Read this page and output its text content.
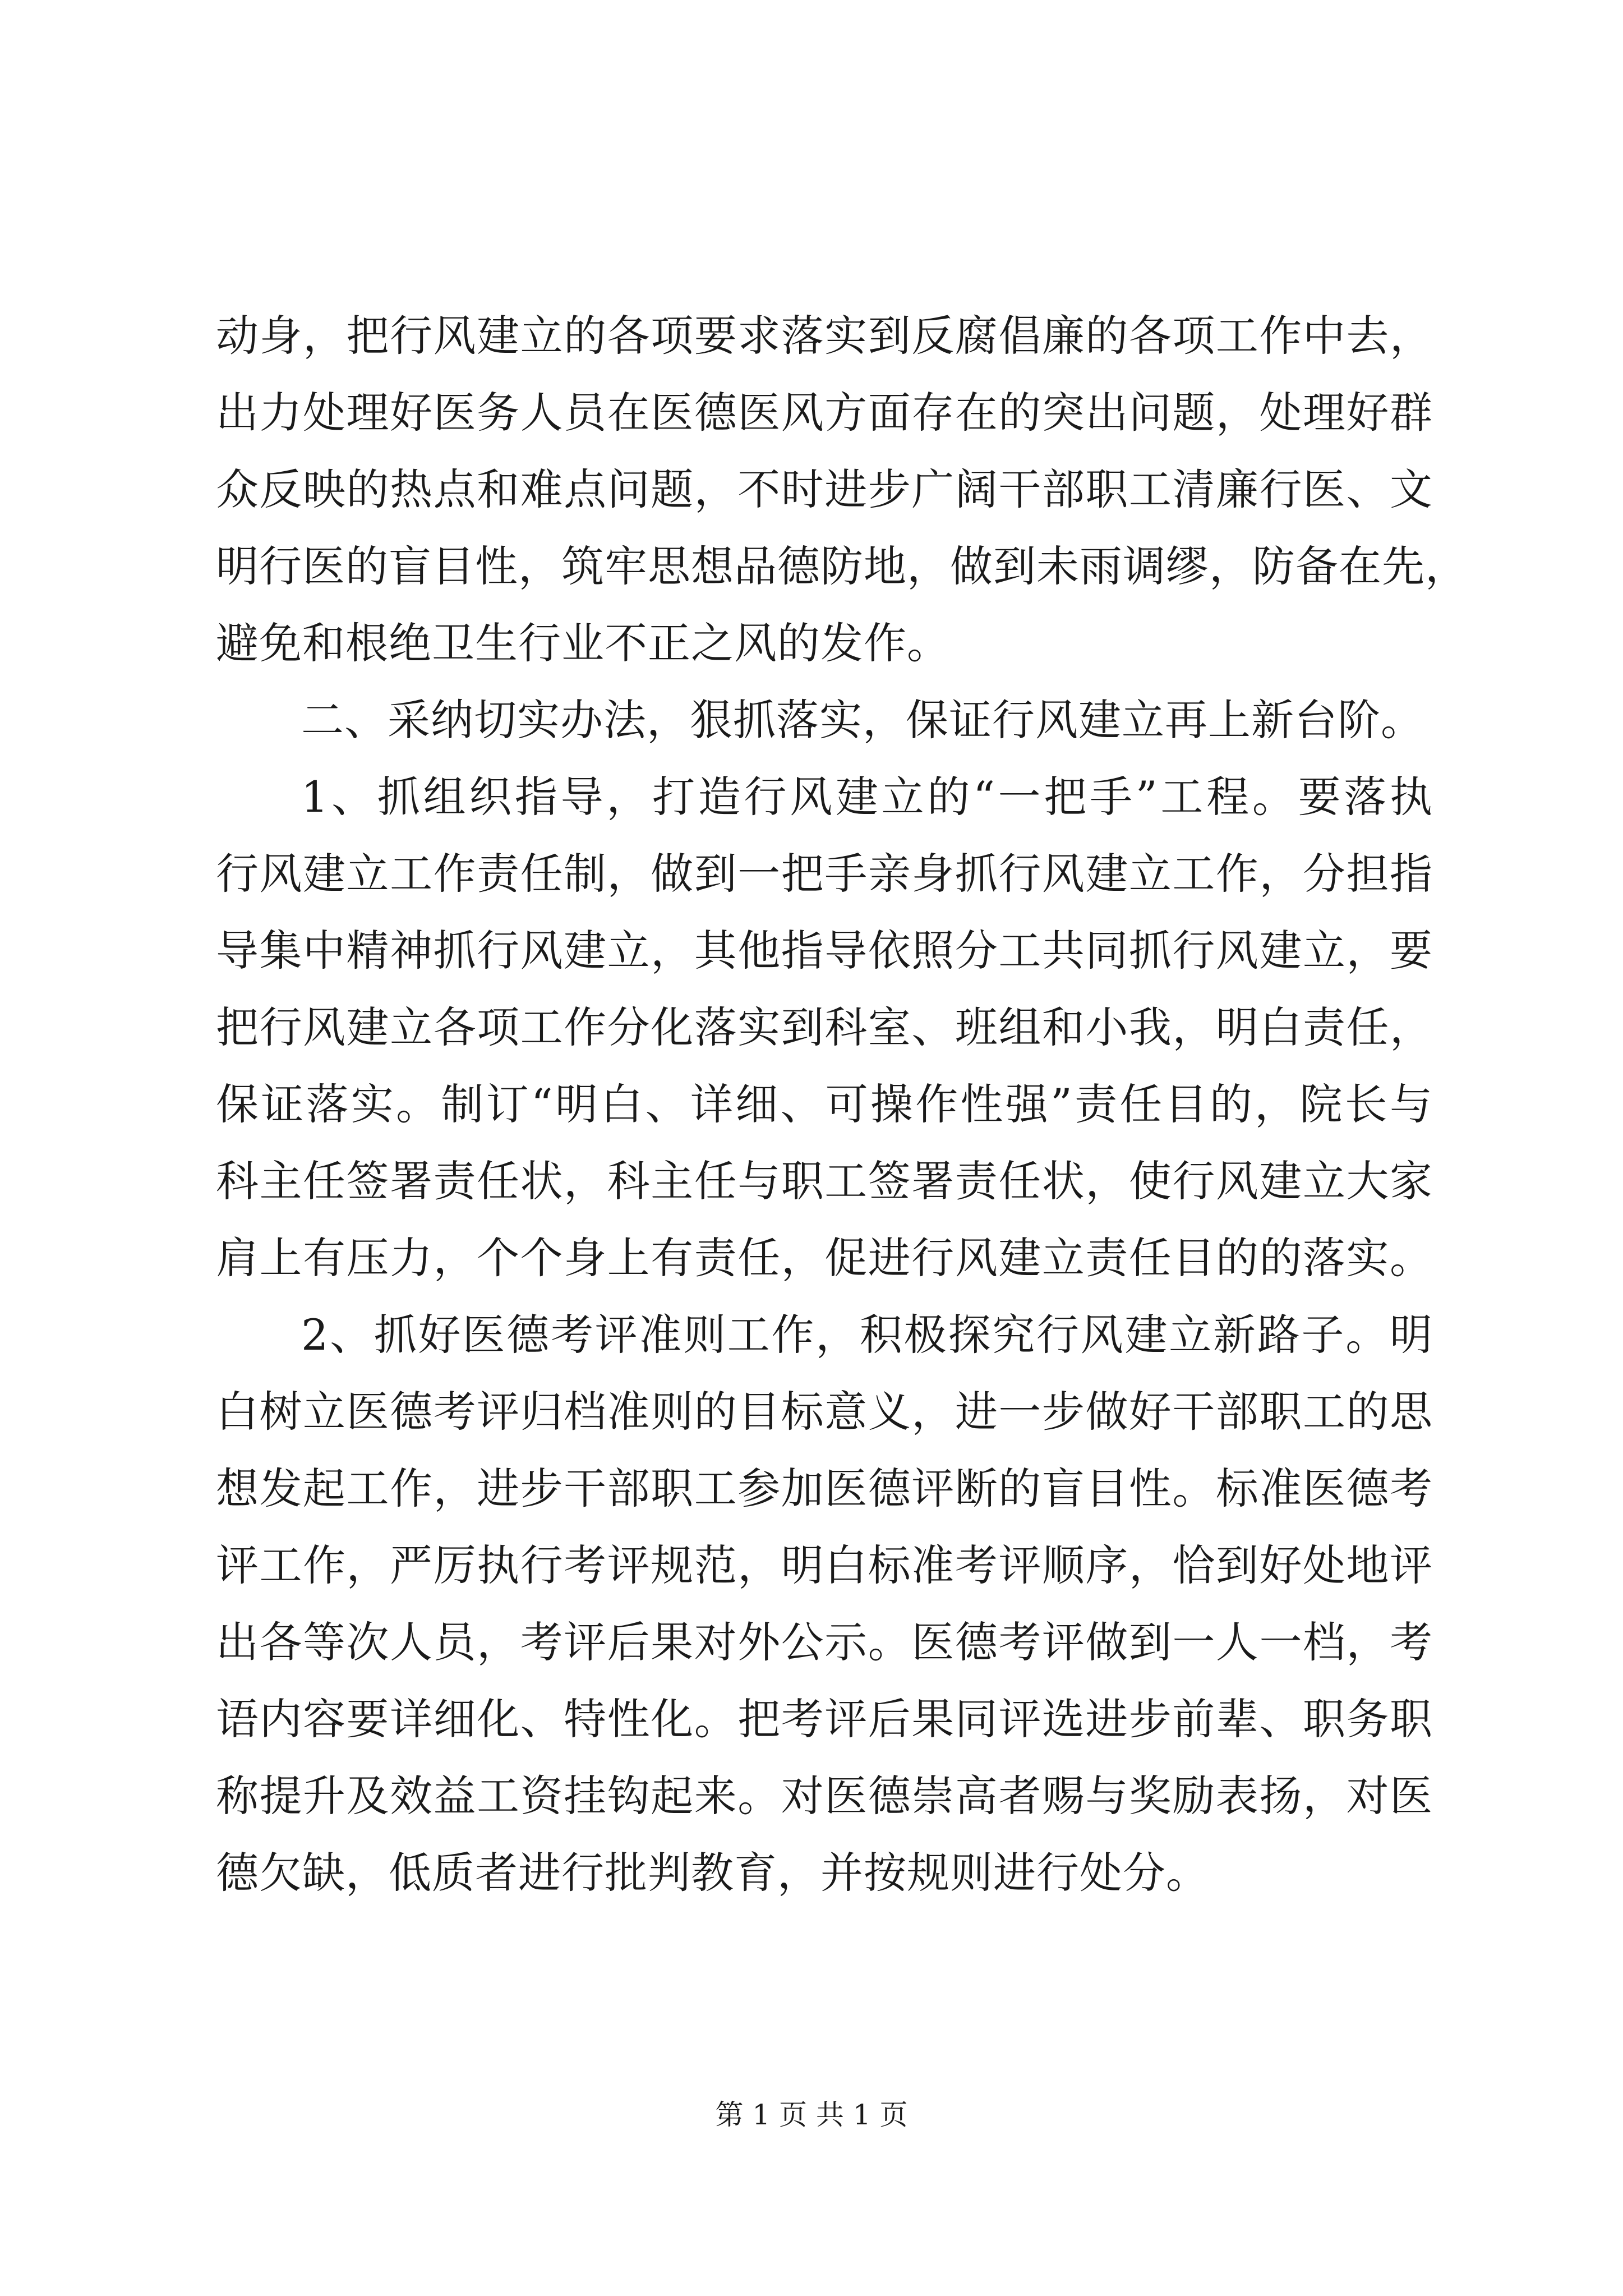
动身，把行风建立的各项要求落实到反腐倡廉的各项工作中去，
出力处理好医务人员在医德医风方面存在的突出问题，处理好群
众反映的热点和难点问题，不时进步广阔干部职工清廉行医、文
明行医的盲目性，筑牢思想品德防地，做到未雨调缪，防备在先，
避免和根绝卫生行业不正之风的发作。
二、采纳切实办法，狠抓落实，保证行风建立再上新台阶。
1、抓组织指导，打造行风建立的“一把手”工程。要落执
行风建立工作责任制，做到一把手亲身抓行风建立工作，分担指
导集中精神抓行风建立，其他指导依照分工共同抓行风建立，要
把行风建立各项工作分化落实到科室、班组和小我，明白责任，
保证落实。制订“明白、详细、可操作性强”责任目的，院长与
科主任签署责任状，科主任与职工签署责任状，使行风建立大家
肩上有压力，个个身上有责任，促进行风建立责任目的的落实。
2、抓好医德考评准则工作，积极探究行风建立新路子。明
白树立医德考评归档准则的目标意义，进一步做好干部职工的思
想发起工作，进步干部职工参加医德评断的盲目性。标准医德考
评工作，严厉执行考评规范，明白标准考评顺序，恰到好处地评
出各等次人员，考评后果对外公示。医德考评做到一人一档，考
语内容要详细化、特性化。把考评后果同评选进步前辈、职务职
称提升及效益工资挂钩起来。对医德崇高者赐与奖励表扬，对医
德欠缺，低质者进行批判教育，并按规则进行处分。
第 1 页 共 1 页
